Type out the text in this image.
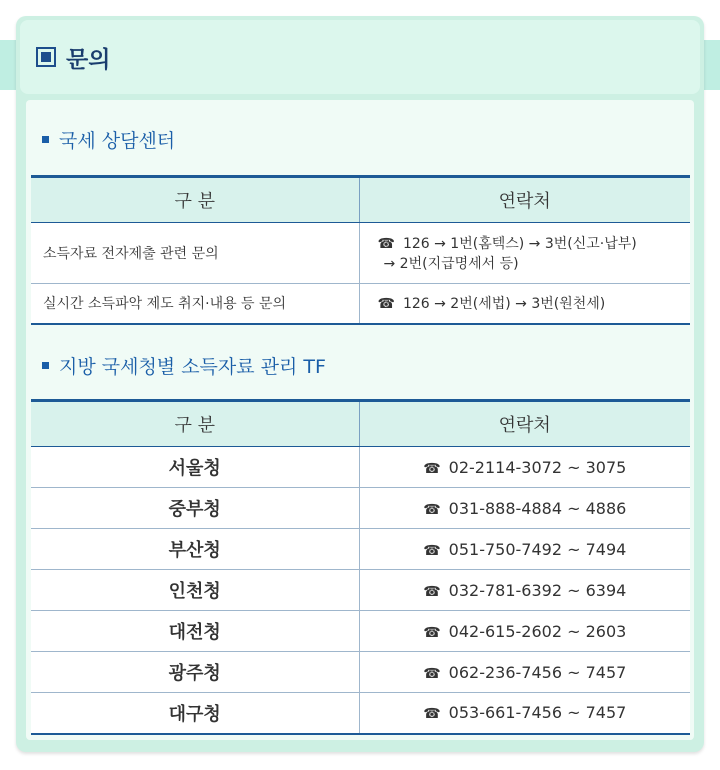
문의
국세 상담센터
구 분	연락처
소득자료 전자제출 관련 문의	☎ 126 → 1번(홈텍스) → 3번(신고·납부)
→ 2번(지급명세서 등)

실시간 소득파악 제도 취지·내용 등 문의	☎ 126 → 2번(세법) → 3번(원천세)
지방 국세청별 소득자료 관리 TF
구 분	연락처
서울청	☎ 02-2114-3072 ~ 3075
중부청	☎ 031-888-4884 ~ 4886
부산청	☎ 051-750-7492 ~ 7494
인천청	☎ 032-781-6392 ~ 6394
대전청	☎ 042-615-2602 ~ 2603
광주청	☎ 062-236-7456 ~ 7457
대구청	☎ 053-661-7456 ~ 7457
